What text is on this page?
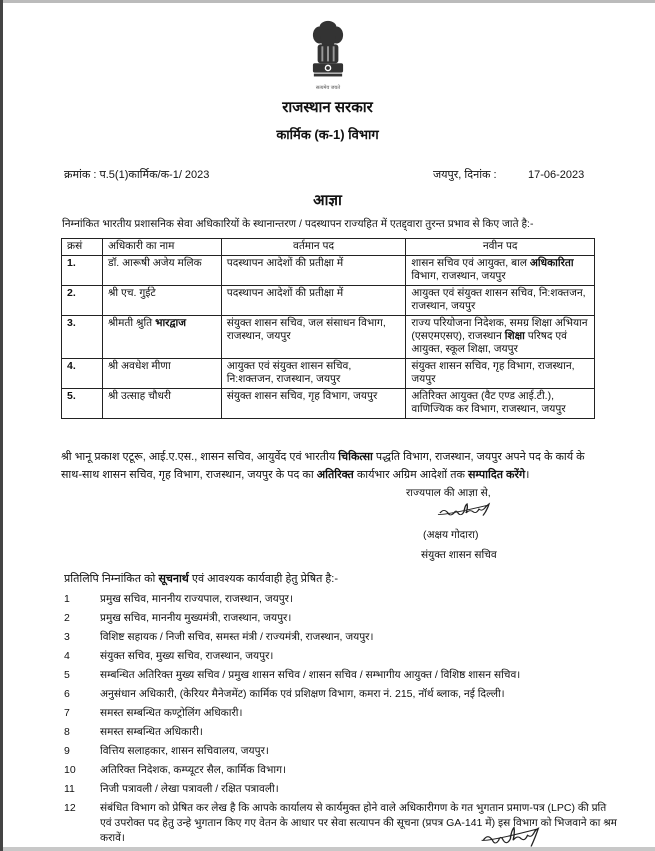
सत्यमेव जयते
राजस्थान सरकार
कार्मिक (क-1) विभाग
क्रमांक : प.5(1)कार्मिक/क-1/ 2023	जयपुर, दिनांक :	17-06-2023
आज्ञा
निम्नांकित भारतीय प्रशासनिक सेवा अधिकारियों के स्थानान्तरण / पदस्थापन राज्यहित में एतद्द्वारा तुरन्त प्रभाव से किए जाते है:-
क्रसं	अधिकारी का नाम	वर्तमान पद	नवीन पद
1.	डॉ. आरूषी अजेय मलिक	पदस्थापन आदेशों की प्रतीक्षा में	शासन सचिव एवं आयुक्त, बाल अधिकारिता विभाग, राजस्थान, जयपुर
2.	श्री एच. गुईटे	पदस्थापन आदेशों की प्रतीक्षा में	आयुक्त एवं संयुक्त शासन सचिव, नि:शक्तजन, राजस्थान, जयपुर
3.	श्रीमती श्रुति भारद्वाज	संयुक्त शासन सचिव, जल संसाधन विभाग, राजस्थान, जयपुर	राज्य परियोजना निदेशक, समग्र शिक्षा अभियान (एसएमएसए), राजस्थान शिक्षा परिषद एवं आयुक्त, स्कूल शिक्षा, जयपुर
4.	श्री अवधेश मीणा	आयुक्त एवं संयुक्त शासन सचिव, नि:शक्तजन, राजस्थान, जयपुर	संयुक्त शासन सचिव, गृह विभाग, राजस्थान, जयपुर
5.	श्री उत्साह चौधरी	संयुक्त शासन सचिव, गृह विभाग, जयपुर	अतिरिक्त आयुक्त (वैट एण्ड आई.टी.), वाणिज्यिक कर विभाग, राजस्थान, जयपुर
श्री भानू प्रकाश एटूरू, आई.ए.एस., शासन सचिव, आयुर्वेद एवं भारतीय चिकित्सा पद्धति विभाग, राजस्थान, जयपुर अपने पद के कार्य के साथ-साथ शासन सचिव, गृह विभाग, राजस्थान, जयपुर के पद का अतिरिक्त कार्यभार अग्रिम आदेशों तक सम्पादित करेंगे।
राज्यपाल की आज्ञा से,
(अक्षय गोदारा)
संयुक्त शासन सचिव
प्रतिलिपि निम्नांकित को सूचनार्थ एवं आवश्यक कार्यवाही हेतु प्रेषित है:-
1	प्रमुख सचिव, माननीय राज्यपाल, राजस्थान, जयपुर।
2	प्रमुख सचिव, माननीय मुख्यमंत्री, राजस्थान, जयपुर।
3	विशिष्ट सहायक / निजी सचिव, समस्त मंत्री / राज्यमंत्री, राजस्थान, जयपुर।
4	संयुक्त सचिव, मुख्य सचिव, राजस्थान, जयपुर।
5	सम्बन्धित अतिरिक्त मुख्य सचिव / प्रमुख शासन सचिव / शासन सचिव / सम्भागीय आयुक्त / विशिष्ठ शासन सचिव।
6	अनुसंधान अधिकारी, (केरियर मैनेजमेंट) कार्मिक एवं प्रशिक्षण विभाग, कमरा नं. 215, नॉर्थ ब्लाक, नई दिल्ली।
7	समस्त सम्बन्धित कण्ट्रोलिंग अधिकारी।
8	समस्त सम्बन्धित अधिकारी।
9	वित्तिय सलाहकार, शासन सचिवालय, जयपुर।
10	अतिरिक्त निदेशक, कम्प्यूटर सैल, कार्मिक विभाग।
11	निजी पत्रावली / लेखा पत्रावली / रक्षित पत्रावली।
12	संबंधित विभाग को प्रेषित कर लेख है कि आपके कार्यालय से कार्यमुक्त होने वाले अधिकारीगण के गत भुगतान प्रमाण-पत्र (LPC) की प्रति एवं उपरोक्त पद हेतु उन्हे भुगतान किए गए वेतन के आधार पर सेवा सत्यापन की सूचना (प्रपत्र GA-141 में) इस विभाग को भिजवाने का श्रम करावें।
